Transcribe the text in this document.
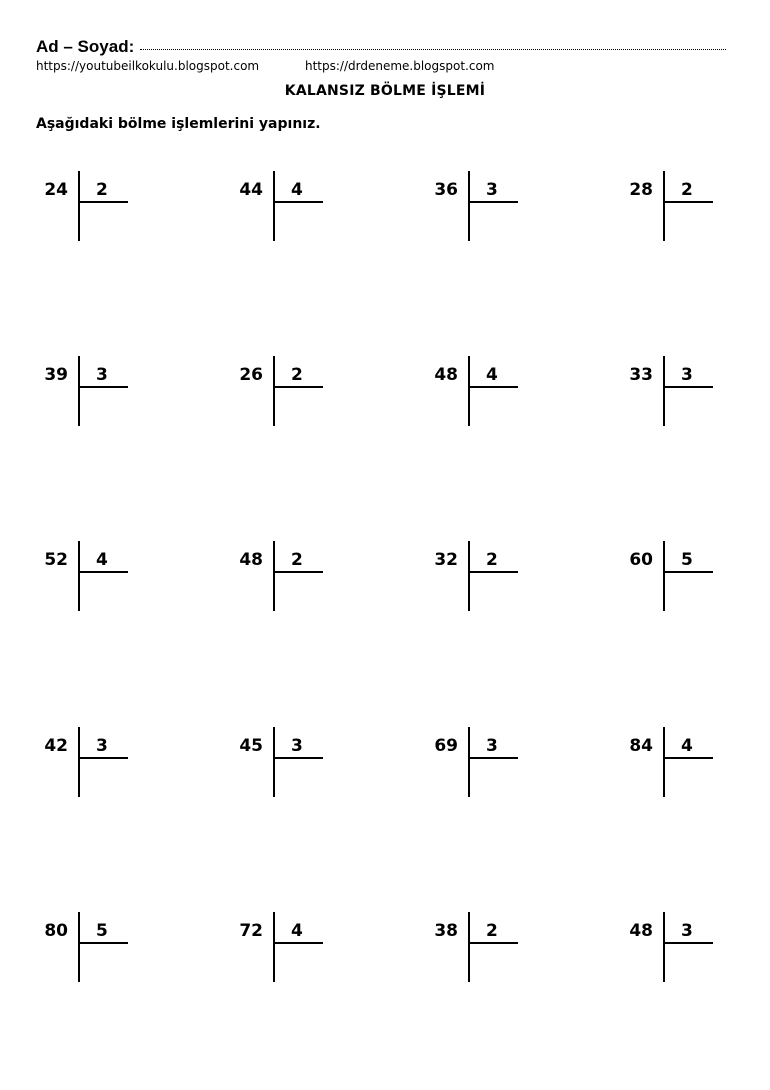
Ad – Soyad:
https://youtubeilkokulu.blogspot.com	https://drdeneme.blogspot.com
KALANSIZ BÖLME İŞLEMİ
Aşağıdaki bölme işlemlerini yapınız.
24 2	44 4	36 3	28 2
39 3	26 2	48 4	33 3
52 4	48 2	32 2	60 5
42 3	45 3	69 3	84 4
80 5	72 4	38 2	48 3
